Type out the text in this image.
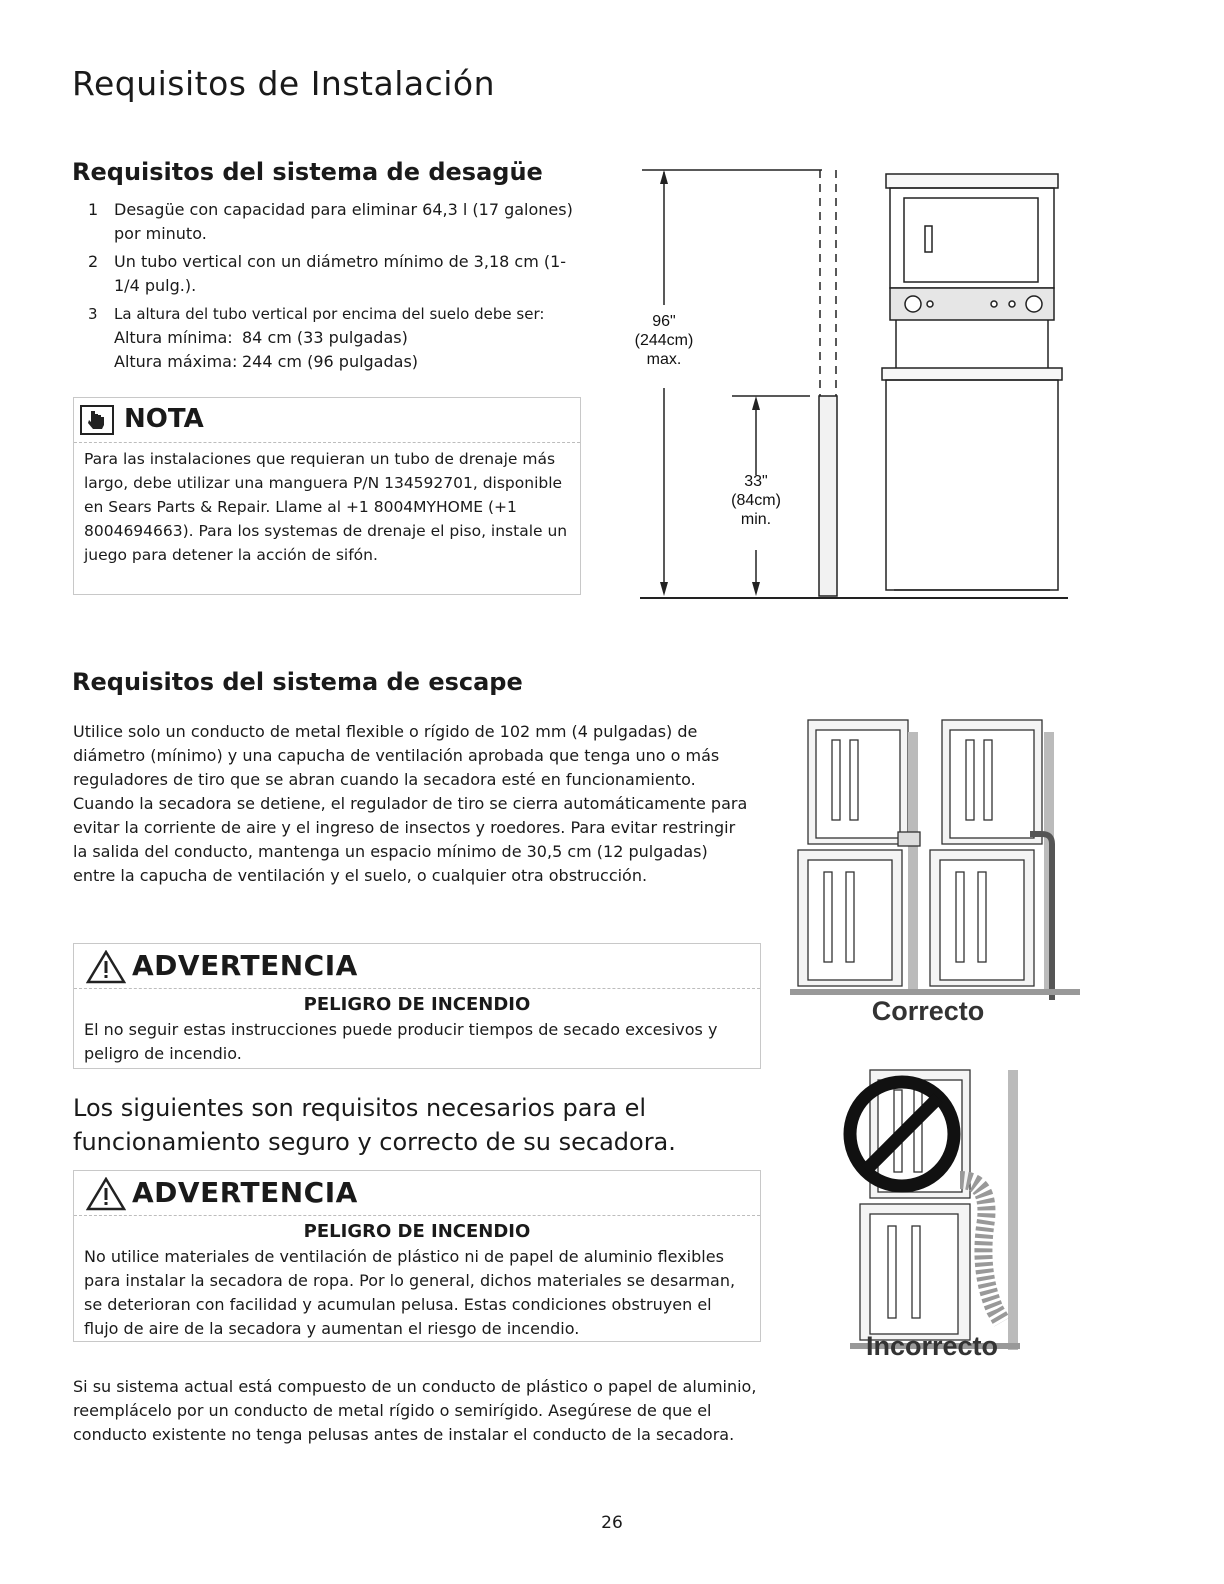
Requisitos de Instalación
Requisitos del sistema de desagüe
1 Desagüe con capacidad para eliminar 64,3 l (17 galones) por minuto.
2 Un tubo vertical con un diámetro mínimo de 3,18 cm (1-1/4 pulg.).
3 La altura del tubo vertical por encima del suelo debe ser:
Altura mínima: 84 cm (33 pulgadas)
Altura máxima: 244 cm (96 pulgadas)
NOTA
Para las instalaciones que requieran un tubo de drenaje más largo, debe utilizar una manguera P/N 134592701, disponible en Sears Parts & Repair. Llame al +1 8004MYHOME (+1 8004694663). Para los systemas de drenaje el piso, instale un juego para detener la acción de sifón.
96"
(244cm)
max.
33"
(84cm)
min.
Requisitos del sistema de escape

Utilice solo un conducto de metal flexible o rígido de 102 mm (4 pulgadas) de diámetro (mínimo) y una capucha de ventilación aprobada que tenga uno o más reguladores de tiro que se abran cuando la secadora esté en funcionamiento. Cuando la secadora se detiene, el regulador de tiro se cierra automáticamente para evitar la corriente de aire y el ingreso de insectos y roedores. Para evitar restringir la salida del conducto, mantenga un espacio mínimo de 30,5 cm (12 pulgadas) entre la capucha de ventilación y el suelo, o cualquier otra obstrucción.

ADVERTENCIA
PELIGRO DE INCENDIO
El no seguir estas instrucciones puede producir tiempos de secado excesivos y peligro de incendio.

Los siguientes son requisitos necesarios para el funcionamiento seguro y correcto de su secadora.

ADVERTENCIA
PELIGRO DE INCENDIO
No utilice materiales de ventilación de plástico ni de papel de aluminio flexibles para instalar la secadora de ropa. Por lo general, dichos materiales se desarman, se deterioran con facilidad y acumulan pelusa. Estas condiciones obstruyen el flujo de aire de la secadora y aumentan el riesgo de incendio.

Si su sistema actual está compuesto de un conducto de plástico o papel de aluminio, reemplácelo por un conducto de metal rígido o semirígido. Asegúrese de que el conducto existente no tenga pelusas antes de instalar el conducto de la secadora.

Correcto
Incorrecto
26
